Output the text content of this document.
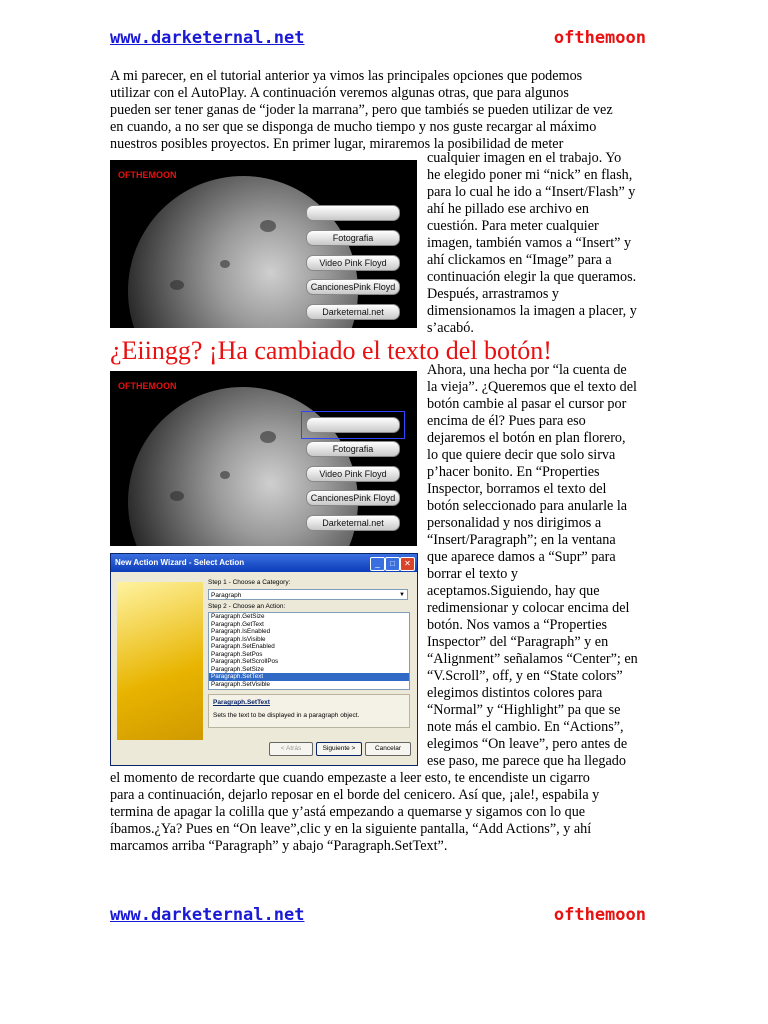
www.darketernal.net	ofthemoon
A mi parecer, en el tutorial anterior ya vimos las principales opciones que podemos
utilizar con el AutoPlay. A continuación veremos algunas otras, que para algunos
pueden ser tener ganas de “joder la marrana”, pero que tambiés se pueden utilizar de vez
en cuando, a no ser que se disponga de mucho tiempo y nos guste recargar al máximo
nuestros posibles proyectos. En primer lugar, miraremos la posibilidad de meter
OFTHEMOON
Fotografia
Video Pink Floyd
CancionesPink Floyd
Darketernal.net
cualquier imagen en el trabajo. Yo
he elegido poner mi “nick” en flash,
para lo cual he ido a “Insert/Flash” y
ahí he pillado ese archivo en
cuestión. Para meter cualquier
imagen, también vamos a “Insert” y
ahí clickamos en “Image” para a
continuación elegir la que queramos.
Después, arrastramos y
dimensionamos la imagen a placer, y
s’acabó.
¿Eiingg? ¡Ha cambiado el texto del botón!
OFTHEMOON
Fotografia
Video Pink Floyd
CancionesPink Floyd
Darketernal.net
New Action Wizard - Select Action	_	□	✕
Step 1 - Choose a Category:
Paragraph	▼
Step 2 - Choose an Action:
Paragraph.GetSize
Paragraph.GetText
Paragraph.IsEnabled
Paragraph.IsVisible
Paragraph.SetEnabled
Paragraph.SetPos
Paragraph.SetScrollPos
Paragraph.SetSize
Paragraph.SetText
Paragraph.SetVisible
Paragraph.SetText
Sets the text to be displayed in a paragraph object.
< Atrás	Siguiente >	Cancelar
Ahora, una hecha por “la cuenta de
la vieja”. ¿Queremos que el texto del
botón cambie al pasar el cursor por
encima de él? Pues para eso
dejaremos el botón en plan florero,
lo que quiere decir que solo sirva
p’hacer bonito. En “Properties
Inspector, borramos el texto del
botón seleccionado para anularle la
personalidad y nos dirigimos a
“Insert/Paragraph”; en la ventana
que aparece damos a “Supr” para
borrar el texto y
aceptamos.Siguiendo, hay que
redimensionar y colocar encima del
botón. Nos vamos a “Properties
Inspector” del “Paragraph” y en
“Alignment” señalamos “Center”; en
“V.Scroll”, off, y en “State colors”
elegimos distintos colores para
“Normal” y “Highlight” pa que se
note más el cambio. En “Actions”,
elegimos “On leave”, pero antes de
ese paso, me parece que ha llegado
el momento de recordarte que cuando empezaste a leer esto, te encendiste un cigarro
para a continuación, dejarlo reposar en el borde del cenicero. Así que, ¡ale!, espabila y
termina de apagar la colilla que y’astá empezando a quemarse y sigamos con lo que
íbamos.¿Ya? Pues en “On leave”,clic y en la siguiente pantalla, “Add Actions”, y ahí
marcamos arriba “Paragraph” y abajo “Paragraph.SetText”.
www.darketernal.net	ofthemoon
